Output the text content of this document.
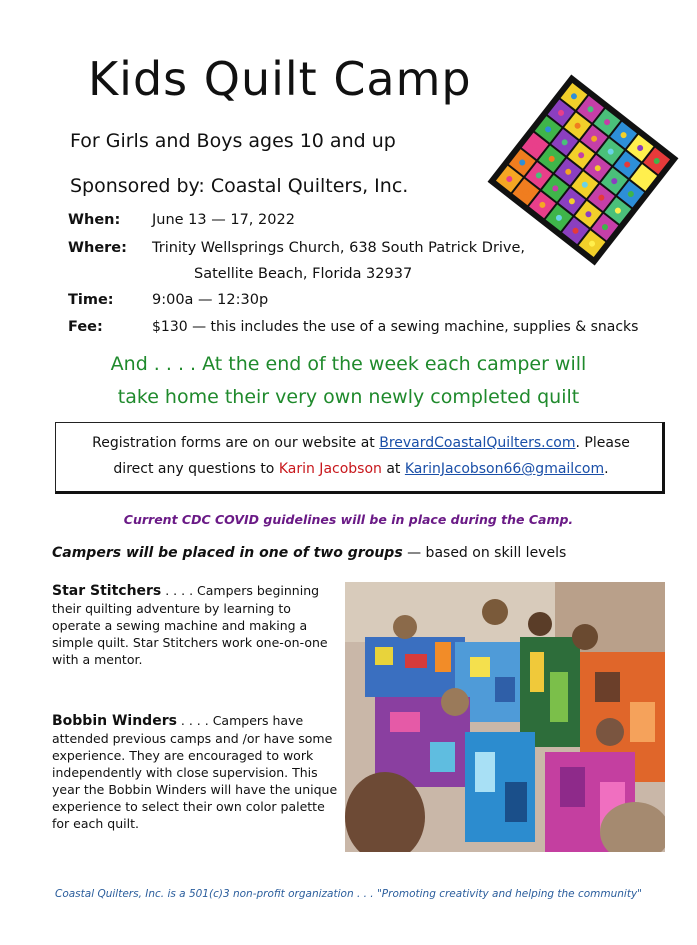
Kids Quilt Camp
For Girls and Boys ages 10 and up
Sponsored by: Coastal Quilters, Inc.
When: June 13 — 17, 2022
Where: Trinity Wellsprings Church, 638 South Patrick Drive,
Satellite Beach, Florida 32937
Time:	9:00a — 12:30p
Fee:	$130 — this includes the use of a sewing machine, supplies & snacks
And . . . . At the end of the week each camper will
take home their very own newly completed quilt
Registration forms are on our website at BrevardCoastalQuilters.com. Please
direct any questions to Karin Jacobson at KarinJacobson66@gmailcom.
Current CDC COVID guidelines will be in place during the Camp.
Campers will be placed in one of two groups — based on skill levels
Star Stitchers . . . . Campers beginning their quilting adventure by learning to operate a sewing machine and making a simple quilt. Star Stitchers work one-on-one with a mentor.
Bobbin Winders . . . . Campers have attended previous camps and /or have some experience. They are encouraged to work independently with close supervision. This year the Bobbin Winders will have the unique experience to select their own color palette for each quilt.
Coastal Quilters, Inc. is a 501(c)3 non-profit organization . . . "Promoting creativity and helping the community"
